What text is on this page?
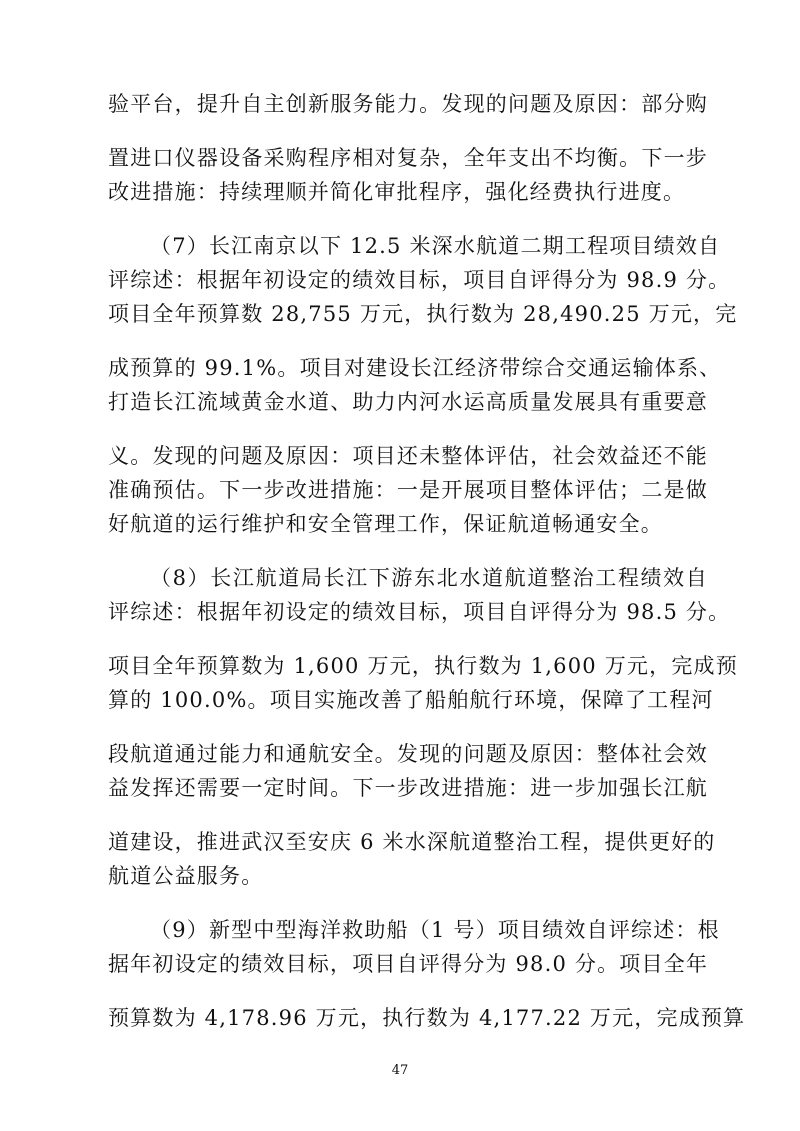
验平台，提升自主创新服务能力。发现的问题及原因：部分购
置进口仪器设备采购程序相对复杂，全年支出不均衡。下一步
改进措施：持续理顺并简化审批程序，强化经费执行进度。
（7）长江南京以下 12.5 米深水航道二期工程项目绩效自
评综述：根据年初设定的绩效目标，项目自评得分为 98.9 分。
项目全年预算数 28,755 万元，执行数为 28,490.25 万元，完
成预算的 99.1%。项目对建设长江经济带综合交通运输体系、
打造长江流域黄金水道、助力内河水运高质量发展具有重要意
义。发现的问题及原因：项目还未整体评估，社会效益还不能
准确预估。下一步改进措施：一是开展项目整体评估；二是做
好航道的运行维护和安全管理工作，保证航道畅通安全。
（8）长江航道局长江下游东北水道航道整治工程绩效自
评综述：根据年初设定的绩效目标，项目自评得分为 98.5 分。
项目全年预算数为 1,600 万元，执行数为 1,600 万元，完成预
算的 100.0%。项目实施改善了船舶航行环境，保障了工程河
段航道通过能力和通航安全。发现的问题及原因：整体社会效
益发挥还需要一定时间。下一步改进措施：进一步加强长江航
道建设，推进武汉至安庆 6 米水深航道整治工程，提供更好的
航道公益服务。
（9）新型中型海洋救助船（1 号）项目绩效自评综述：根
据年初设定的绩效目标，项目自评得分为 98.0 分。项目全年
预算数为 4,178.96 万元，执行数为 4,177.22 万元，完成预算
47
